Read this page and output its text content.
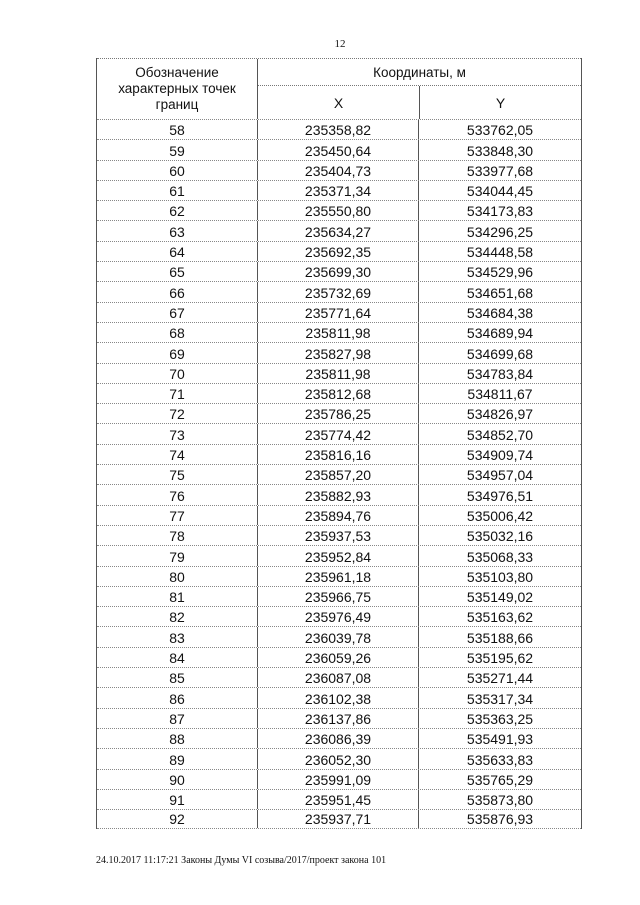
12
Обозначение характерных точек границ
Координаты, м
X	Y
58	235358,82	533762,05
59	235450,64	533848,30
60	235404,73	533977,68
61	235371,34	534044,45
62	235550,80	534173,83
63	235634,27	534296,25
64	235692,35	534448,58
65	235699,30	534529,96
66	235732,69	534651,68
67	235771,64	534684,38
68	235811,98	534689,94
69	235827,98	534699,68
70	235811,98	534783,84
71	235812,68	534811,67
72	235786,25	534826,97
73	235774,42	534852,70
74	235816,16	534909,74
75	235857,20	534957,04
76	235882,93	534976,51
77	235894,76	535006,42
78	235937,53	535032,16
79	235952,84	535068,33
80	235961,18	535103,80
81	235966,75	535149,02
82	235976,49	535163,62
83	236039,78	535188,66
84	236059,26	535195,62
85	236087,08	535271,44
86	236102,38	535317,34
87	236137,86	535363,25
88	236086,39	535491,93
89	236052,30	535633,83
90	235991,09	535765,29
91	235951,45	535873,80
92	235937,71	535876,93
24.10.2017 11:17:21 Законы Думы VI созыва/2017/проект закона 101
